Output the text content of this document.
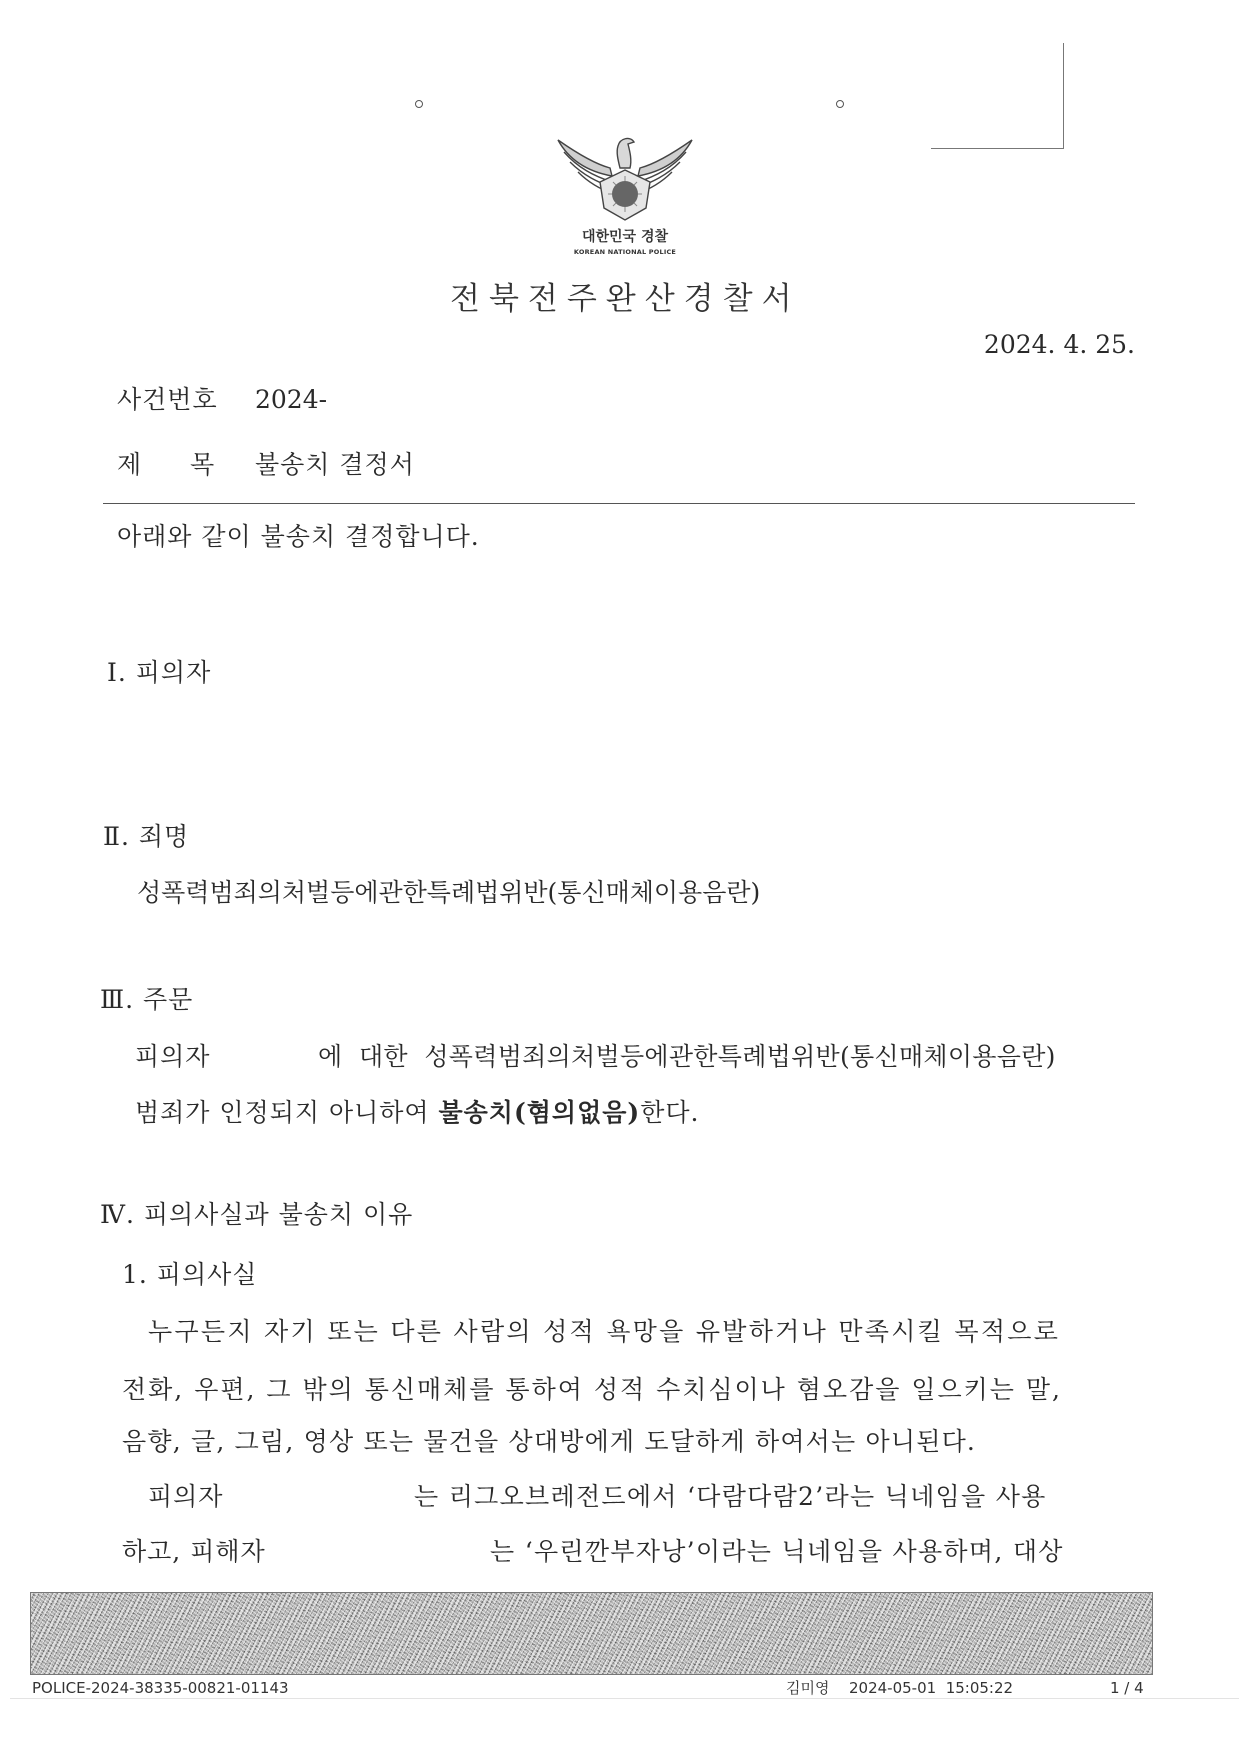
대한민국 경찰
KOREAN NATIONAL POLICE
전북전주완산경찰서
2024. 4. 25.
사건번호 2024-
제 목 불송치 결정서
아래와 같이 불송치 결정합니다.
Ⅰ. 피의자
Ⅱ. 죄명
성폭력범죄의처벌등에관한특례법위반(통신매체이용음란)
Ⅲ. 주문
피의자	에  대한  성폭력범죄의처벌등에관한특례법위반(통신매체이용음란)
범죄가 인정되지 아니하여 불송치(혐의없음)한다.
Ⅳ. 피의사실과 불송치 이유
1. 피의사실
누구든지 자기 또는 다른 사람의 성적 욕망을 유발하거나 만족시킬 목적으로
전화, 우편, 그 밖의 통신매체를 통하여 성적 수치심이나 혐오감을 일으키는 말,
음향, 글, 그림, 영상 또는 물건을 상대방에게 도달하게 하여서는 아니된다.
피의자	는 리그오브레전드에서 ‘다람다람2’라는 닉네임을 사용
하고, 피해자	는 ‘우린깐부자낭’이라는 닉네임을 사용하며, 대상
POLICE-2024-38335-00821-01143	김미영 2024-05-01  15:05:22	1 / 4
